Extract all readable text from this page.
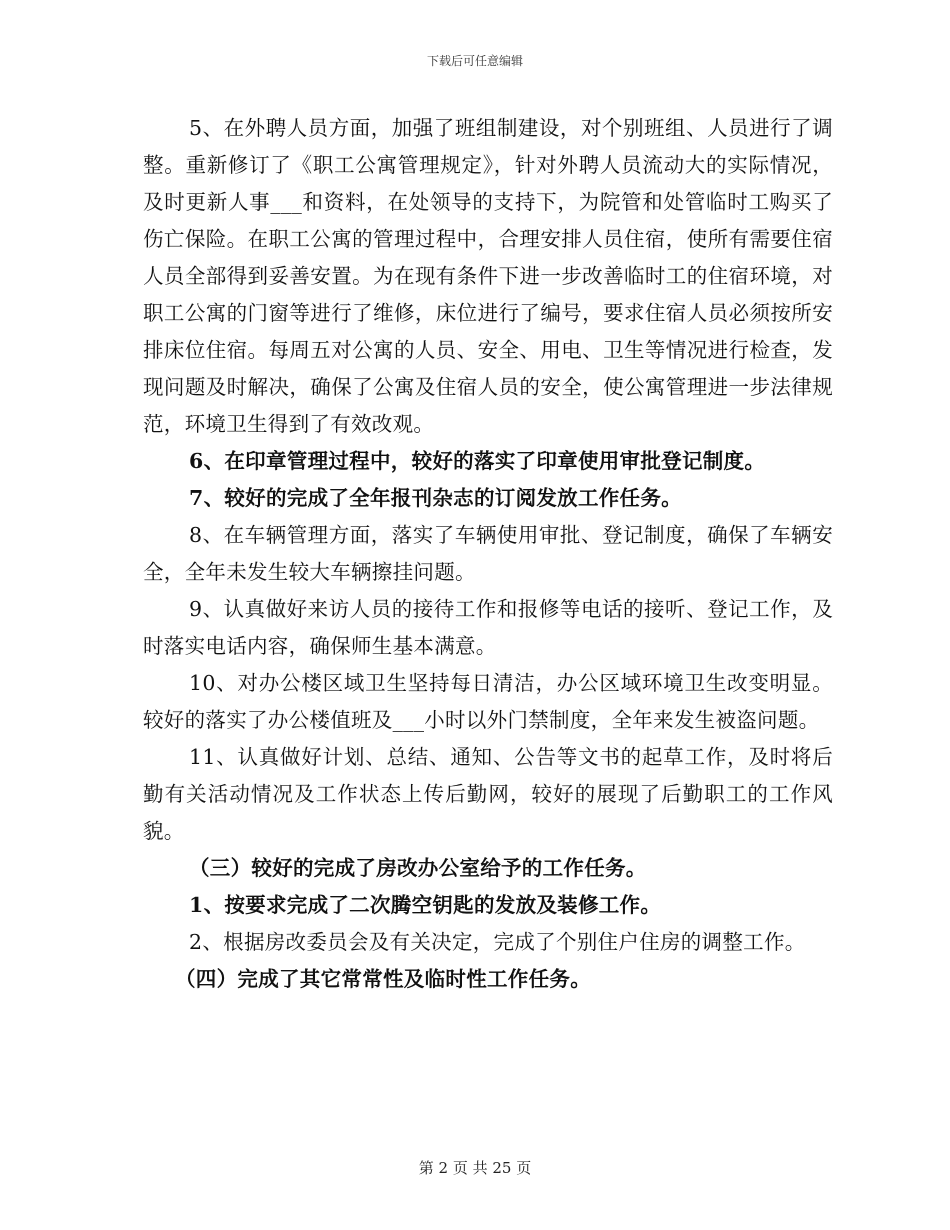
下载后可任意编辑

5、在外聘人员方面，加强了班组制建设，对个别班组、人员进行了调整。重新修订了《职工公寓管理规定》，针对外聘人员流动大的实际情况，及时更新人事___和资料，在处领导的支持下，为院管和处管临时工购买了伤亡保险。在职工公寓的管理过程中，合理安排人员住宿，使所有需要住宿人员全部得到妥善安置。为在现有条件下进一步改善临时工的住宿环境，对职工公寓的门窗等进行了维修，床位进行了编号，要求住宿人员必须按所安排床位住宿。每周五对公寓的人员、安全、用电、卫生等情况进行检查，发现问题及时解决，确保了公寓及住宿人员的安全，使公寓管理进一步法律规范，环境卫生得到了有效改观。

6、在印章管理过程中，较好的落实了印章使用审批登记制度。

7、较好的完成了全年报刊杂志的订阅发放工作任务。

8、在车辆管理方面，落实了车辆使用审批、登记制度，确保了车辆安全，全年未发生较大车辆擦挂问题。

9、认真做好来访人员的接待工作和报修等电话的接听、登记工作，及时落实电话内容，确保师生基本满意。

10、对办公楼区域卫生坚持每日清洁，办公区域环境卫生改变明显。较好的落实了办公楼值班及___小时以外门禁制度，全年来发生被盗问题。

11、认真做好计划、总结、通知、公告等文书的起草工作，及时将后勤有关活动情况及工作状态上传后勤网，较好的展现了后勤职工的工作风貌。

（三）较好的完成了房改办公室给予的工作任务。

1、按要求完成了二次腾空钥匙的发放及装修工作。

2、根据房改委员会及有关决定，完成了个别住户住房的调整工作。

（四）完成了其它常常性及临时性工作任务。

第 2 页 共 25 页
